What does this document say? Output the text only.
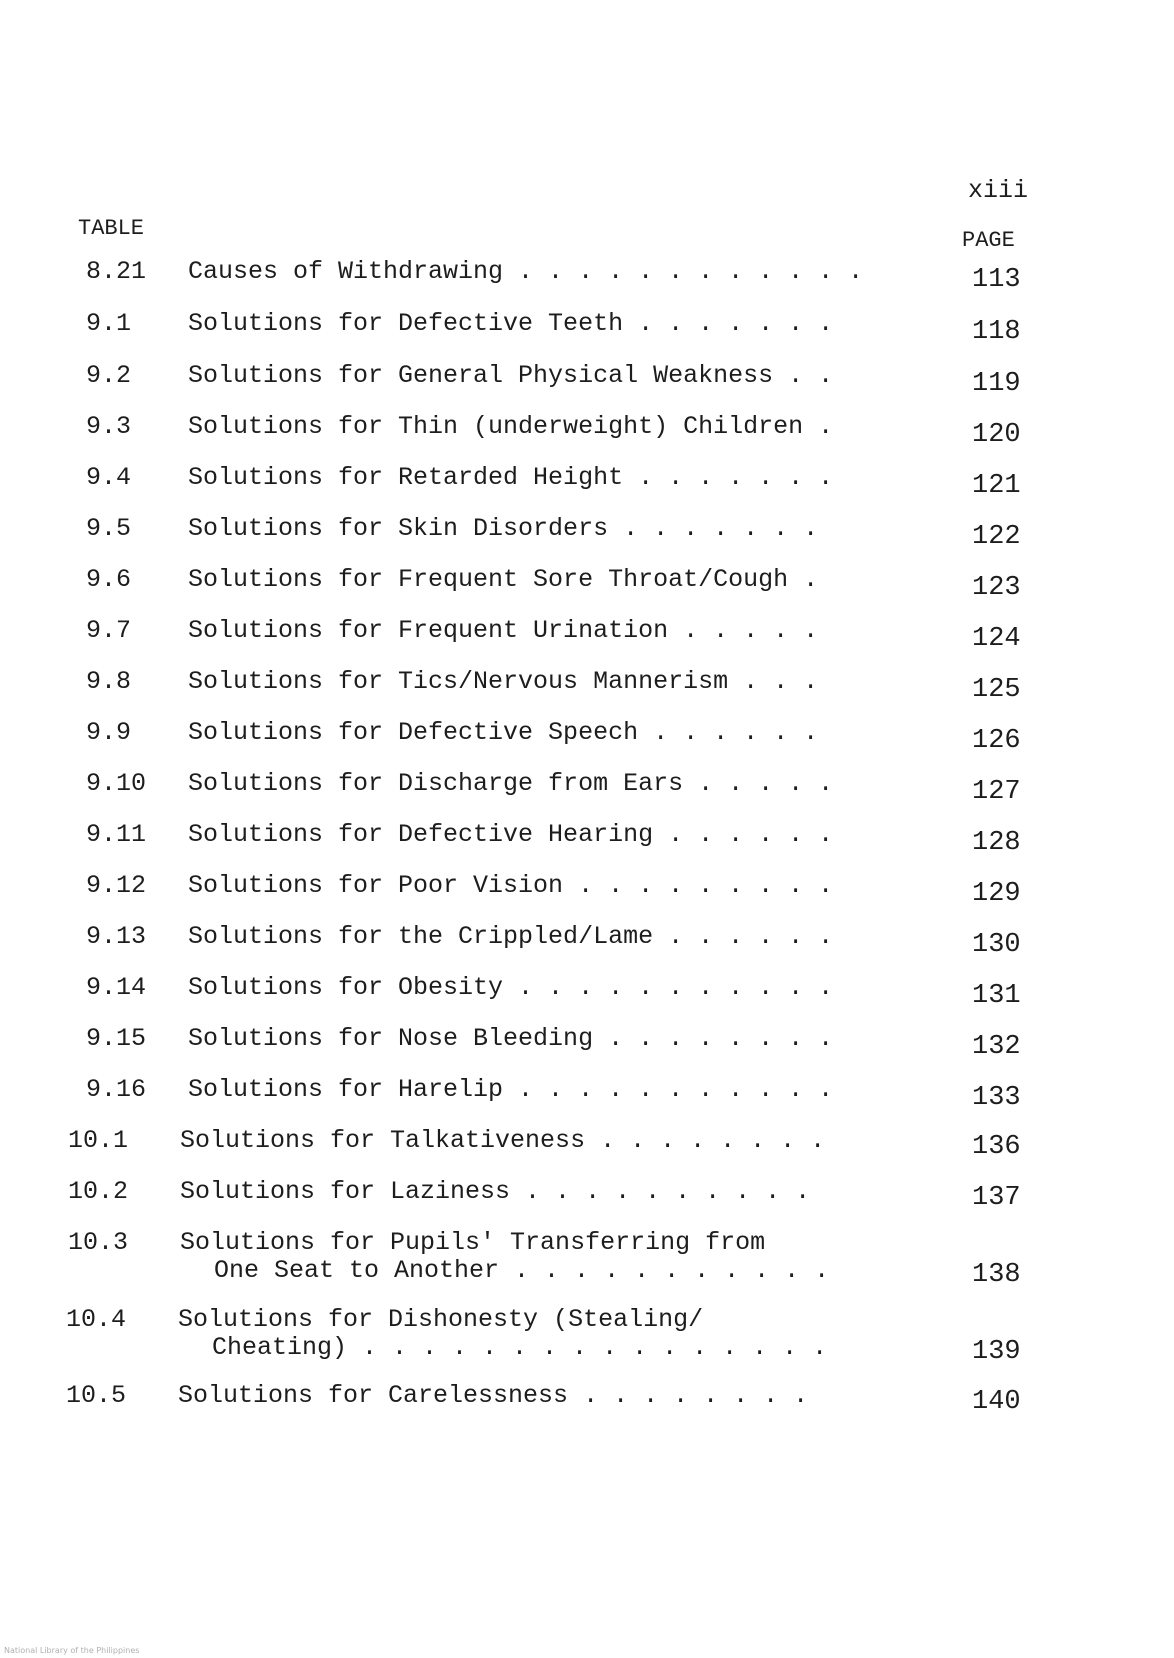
xiii
TABLE	PAGE
8.21 Causes of Withdrawing . . . . . . . . . . . .	113
9.1 Solutions for Defective Teeth . . . . . . .	118
9.2 Solutions for General Physical Weakness . .	119
9.3 Solutions for Thin (underweight) Children .	120
9.4 Solutions for Retarded Height . . . . . . .	121
9.5 Solutions for Skin Disorders . . . . . . .	122
9.6 Solutions for Frequent Sore Throat/Cough .	123
9.7 Solutions for Frequent Urination . . . . .	124
9.8 Solutions for Tics/Nervous Mannerism . . .	125
9.9 Solutions for Defective Speech . . . . . .	126
9.10 Solutions for Discharge from Ears . . . . .	127
9.11 Solutions for Defective Hearing . . . . . .	128
9.12 Solutions for Poor Vision . . . . . . . . .	129
9.13 Solutions for the Crippled/Lame . . . . . .	130
9.14 Solutions for Obesity . . . . . . . . . . .	131
9.15 Solutions for Nose Bleeding . . . . . . . .	132
9.16 Solutions for Harelip . . . . . . . . . . .	133
10.1 Solutions for Talkativeness . . . . . . . .	136
10.2 Solutions for Laziness . . . . . . . . . .	137
10.3 Solutions for Pupils' Transferring from
One Seat to Another . . . . . . . . . . .	138
10.4 Solutions for Dishonesty (Stealing/
Cheating) . . . . . . . . . . . . . . . .	139
10.5 Solutions for Carelessness . . . . . . . .	140
National Library of the Philippines
